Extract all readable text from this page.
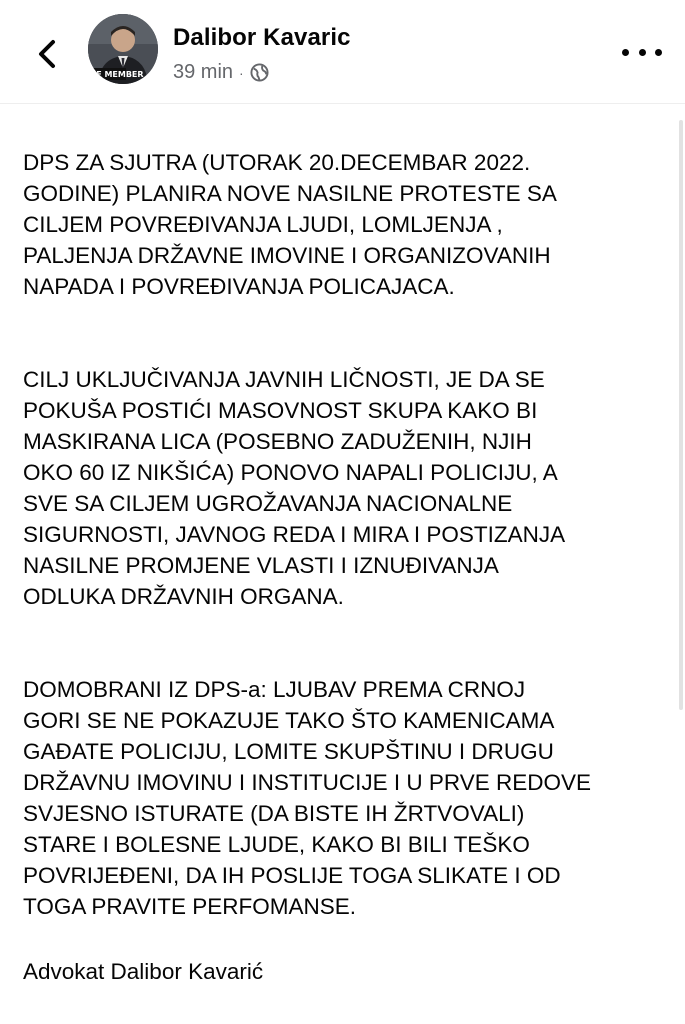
VE MEMBER
Dalibor Kavaric
39 min ·

DPS ZA SJUTRA (UTORAK 20.DECEMBAR 2022.
GODINE) PLANIRA NOVE NASILNE PROTESTE SA
CILJEM POVREĐIVANJA LJUDI, LOMLJENJA ,
PALJENJA DRŽAVNE IMOVINE I ORGANIZOVANIH
NAPADA I POVREĐIVANJA POLICAJACA.

CILJ UKLJUČIVANJA JAVNIH LIČNOSTI, JE DA SE
POKUŠA POSTIĆI MASOVNOST SKUPA KAKO BI
MASKIRANA LICA (POSEBNO ZADUŽENIH, NJIH
OKO 60 IZ NIKŠIĆA) PONOVO NAPALI POLICIJU, A
SVE SA CILJEM UGROŽAVANJA NACIONALNE
SIGURNOSTI, JAVNOG REDA I MIRA I POSTIZANJA
NASILNE PROMJENE VLASTI I IZNUĐIVANJA
ODLUKA DRŽAVNIH ORGANA.

DOMOBRANI IZ DPS-a: LJUBAV PREMA CRNOJ
GORI SE NE POKAZUJE TAKO ŠTO KAMENICAMA
GAĐATE POLICIJU, LOMITE SKUPŠTINU I DRUGU
DRŽAVNU IMOVINU I INSTITUCIJE I U PRVE REDOVE
SVJESNO ISTURATE (DA BISTE IH ŽRTVOVALI)
STARE I BOLESNE LJUDE, KAKO BI BILI TEŠKO
POVRIJEĐENI, DA IH POSLIJE TOGA SLIKATE I OD
TOGA PRAVITE PERFOMANSE.

Advokat Dalibor Kavarić
